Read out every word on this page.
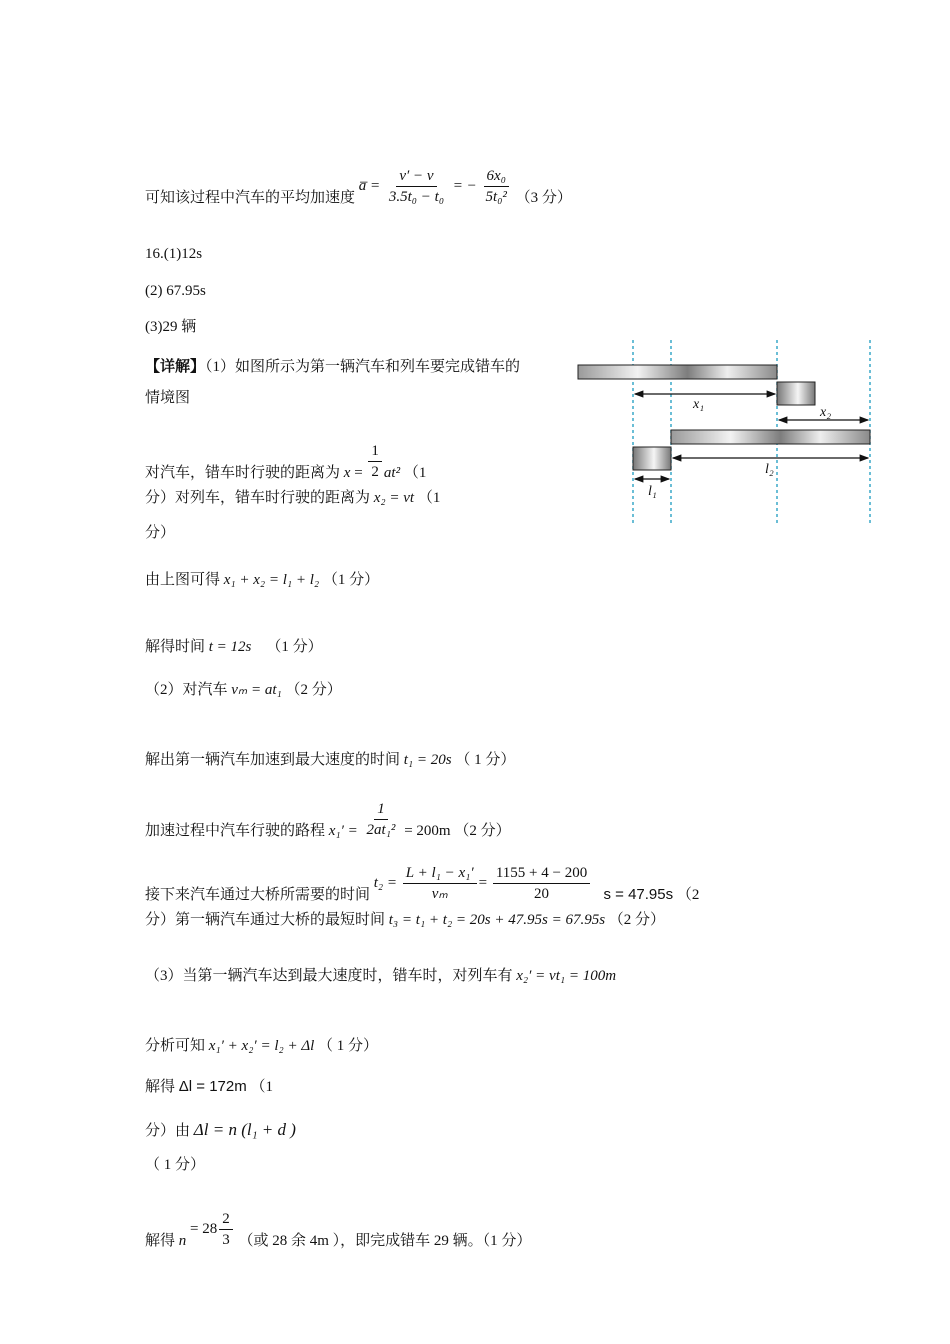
可知该过程中汽车的平均加速度 a̅ = $\frac{v' - v}{\text{3.5t₀ − t₀}}$ = − $\frac{\text{6x₀}}{\text{5t₀²}} (3$ 分）
16.(1)12s
(2) 67.95s
(3)29 辆
【详解】（1）如图所示为第一辆汽车和列车要完成错车的
情境图
对汽车，错车时行驶的距离为 $x = \frac{1}{2} at^2$ （1
分）对列车，错车时行驶的距离为 x₂ = vt （1
分）
由上图可得 x₁ + x₂ = l₁ + l₂ （1 分）
解得时间 t = 12s （1 分）
（2）对汽车 vₘ = at₁ （2 分）
解出第一辆汽车加速到最大速度的时间 t₁ = 20s （ 1 分）
加速过程中汽车行驶的路程 $x_1' = \frac{1}{\text{2at₁²}} = 200m$ （2 分）
接下来汽车通过大桥所需要的时间 $t_2 = \frac{\text{L + l₁ − x₁′}}{\text{vₘ}} = \frac{1155 + 4 - 200}{20}$ s = 47.95s （2
分）第一辆汽车通过大桥的最短时间 t₃ = t₁ + t₂ = 20s + 47.95s = 67.95s （2 分）
（3）当第一辆汽车达到最大速度时，错车时，对列车有 x₂′ = vt₁ = 100m
分析可知 x₁′ + x₂′ = l₂ + Δl （ 1 分）
解得 Δl = 172m （1
分）由 Δl = n (l₁ + d )
（ 1 分）
解得 $n = 28 \frac{2}{3}$ （或 28 余 4m ），即完成错车 29 辆。（1 分）
x₁
x₂
l₂
l₁
